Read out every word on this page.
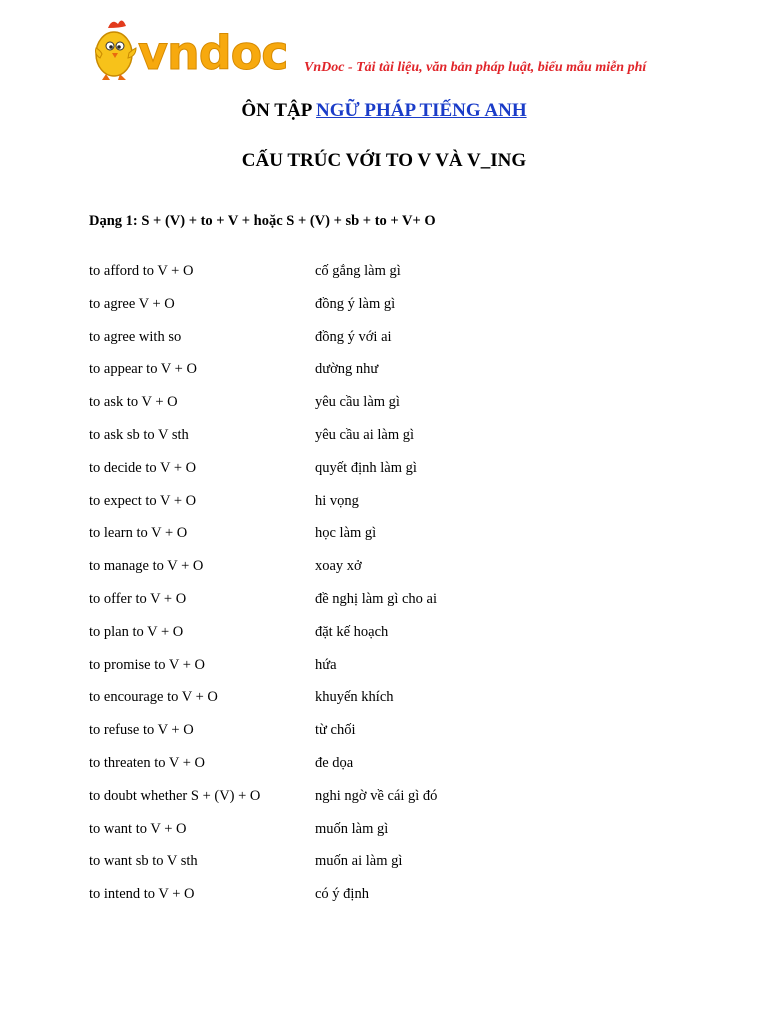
vndoc VnDoc - Tải tài liệu, văn bản pháp luật, biểu mẫu miễn phí
ÔN TẬP NGỮ PHÁP TIẾNG ANH
CẤU TRÚC VỚI TO V VÀ V_ING
Dạng 1: S + (V) + to + V + hoặc S + (V) + sb + to + V+ O
to afford to V + O	cố gắng làm gì
to agree V + O	đồng ý làm gì
to agree with so	đồng ý với ai
to appear to V + O	dường như
to ask to V + O	yêu cầu làm gì
to ask sb to V sth	yêu cầu ai làm gì
to decide to V + O	quyết định làm gì
to expect to V + O	hi vọng
to learn to V + O	học làm gì
to manage to V + O	xoay xở
to offer to V + O	đề nghị làm gì cho ai
to plan to V + O	đặt kế hoạch
to promise to V + O	hứa
to encourage to V + O	khuyến khích
to refuse to V + O	từ chối
to threaten to V + O	đe dọa
to doubt whether S + (V) + O	nghi ngờ về cái gì đó
to want to V + O	muốn làm gì
to want sb to V sth	muốn ai làm gì
to intend to V + O	có ý định
